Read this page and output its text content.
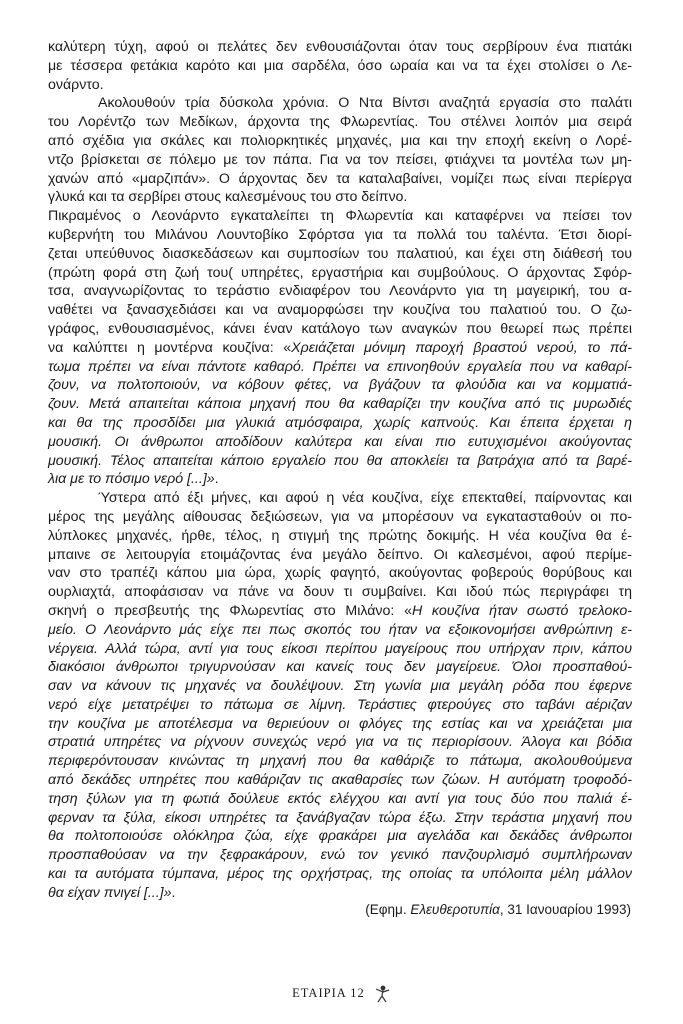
καλύτερη τύχη, αφού οι πελάτες δεν ενθουσιάζονται όταν τους σερβίρουν ένα πιατάκι
με τέσσερα φετάκια καρότο και μια σαρδέλα, όσο ωραία και να τα έχει στολίσει ο Λε-
ονάρντο.
Ακολουθούν τρία δύσκολα χρόνια. Ο Ντα Βίντσι αναζητά εργασία στο παλάτι
του Λορέντζο των Μεδίκων, άρχοντα της Φλωρεντίας. Του στέλνει λοιπόν μια σειρά
από σχέδια για σκάλες και πολιορκητικές μηχανές, μια και την εποχή εκείνη ο Λορέ-
ντζο βρίσκεται σε πόλεμο με τον πάπα. Για να τον πείσει, φτιάχνει τα μοντέλα των μη-
χανών από «μαρζιπάν». Ο άρχοντας δεν τα καταλαβαίνει, νομίζει πως είναι περίεργα
γλυκά και τα σερβίρει στους καλεσμένους του στο δείπνο.
Πικραμένος ο Λεονάρντο εγκαταλείπει τη Φλωρεντία και καταφέρνει να πείσει τον
κυβερνήτη του Μιλάνου Λουντοβίκο Σφόρτσα για τα πολλά του ταλέντα. Έτσι διορί-
ζεται υπεύθυνος διασκεδάσεων και συμποσίων του παλατιού, και έχει στη διάθεσή του
(πρώτη φορά στη ζωή του( υπηρέτες, εργαστήρια και συμβούλους. Ο άρχοντας Σφόρ-
τσα, αναγνωρίζοντας το τεράστιο ενδιαφέρον του Λεονάρντο για τη μαγειρική, του α-
ναθέτει να ξανασχεδιάσει και να αναμορφώσει την κουζίνα του παλατιού του. Ο ζω-
γράφος, ενθουσιασμένος, κάνει έναν κατάλογο των αναγκών που θεωρεί πως πρέπει
να καλύπτει η μοντέρνα κουζίνα: «Χρειάζεται μόνιμη παροχή βραστού νερού, το πά-
τωμα πρέπει να είναι πάντοτε καθαρό. Πρέπει να επινοηθούν εργαλεία που να καθαρί-
ζουν, να πολτοποιούν, να κόβουν φέτες, να βγάζουν τα φλούδια και να κομματιά-
ζουν. Μετά απαιτείται κάποια μηχανή που θα καθαρίζει την κουζίνα από τις μυρωδιές
και θα της προσδίδει μια γλυκιά ατμόσφαιρα, χωρίς καπνούς. Και έπειτα έρχεται η
μουσική. Οι άνθρωποι αποδίδουν καλύτερα και είναι πιο ευτυχισμένοι ακούγοντας
μουσική. Τέλος απαιτείται κάποιο εργαλείο που θα αποκλείει τα βατράχια από τα βαρέ-
λια με το πόσιμο νερό [...]».
Ύστερα από έξι μήνες, και αφού η νέα κουζίνα, είχε επεκταθεί, παίρνοντας και
μέρος της μεγάλης αίθουσας δεξιώσεων, για να μπορέσουν να εγκατασταθούν οι πο-
λύπλοκες μηχανές, ήρθε, τέλος, η στιγμή της πρώτης δοκιμής. Η νέα κουζίνα θα έ-
μπαινε σε λειτουργία ετοιμάζοντας ένα μεγάλο δείπνο. Οι καλεσμένοι, αφού περίμε-
ναν στο τραπέζι κάπου μια ώρα, χωρίς φαγητό, ακούγοντας φοβερούς θορύβους και
ουρλιαχτά, αποφάσισαν να πάνε να δουν τι συμβαίνει. Και ιδού πώς περιγράφει τη
σκηνή ο πρεσβευτής της Φλωρεντίας στο Μιλάνο: «Η κουζίνα ήταν σωστό τρελοκο-
μείο. Ο Λεονάρντο μάς είχε πει πως σκοπός του ήταν να εξοικονομήσει ανθρώπινη ε-
νέργεια. Αλλά τώρα, αντί για τους είκοσι περίπου μαγείρους που υπήρχαν πριν, κάπου
διακόσιοι άνθρωποι τριγυρνούσαν και κανείς τους δεν μαγείρευε. Όλοι προσπαθού-
σαν να κάνουν τις μηχανές να δουλέψουν. Στη γωνία μια μεγάλη ρόδα που έφερνε
νερό είχε μετατρέψει το πάτωμα σε λίμνη. Τεράστιες φτερούγες στο ταβάνι αέριζαν
την κουζίνα με αποτέλεσμα να θεριεύουν οι φλόγες της εστίας και να χρειάζεται μια
στρατιά υπηρέτες να ρίχνουν συνεχώς νερό για να τις περιορίσουν. Άλογα και βόδια
περιφερόντουσαν κινώντας τη μηχανή που θα καθάριζε το πάτωμα, ακολουθούμενα
από δεκάδες υπηρέτες που καθάριζαν τις ακαθαρσίες των ζώων. Η αυτόματη τροφοδό-
τηση ξύλων για τη φωτιά δούλευε εκτός ελέγχου και αντί για τους δύο που παλιά έ-
φερναν τα ξύλα, είκοσι υπηρέτες τα ξανάβγαζαν τώρα έξω. Στην τεράστια μηχανή που
θα πολτοποιούσε ολόκληρα ζώα, είχε φρακάρει μια αγελάδα και δεκάδες άνθρωποι
προσπαθούσαν να την ξεφρακάρουν, ενώ τον γενικό πανζουρλισμό συμπλήρωναν
και τα αυτόματα τύμπανα, μέρος της ορχήστρας, της οποίας τα υπόλοιπα μέλη μάλλον
θα είχαν πνιγεί [...]».
(Εφημ. Ελευθεροτυπία, 31 Ιανουαρίου 1993)
ΕΤΑΙΡΙΑ 12
